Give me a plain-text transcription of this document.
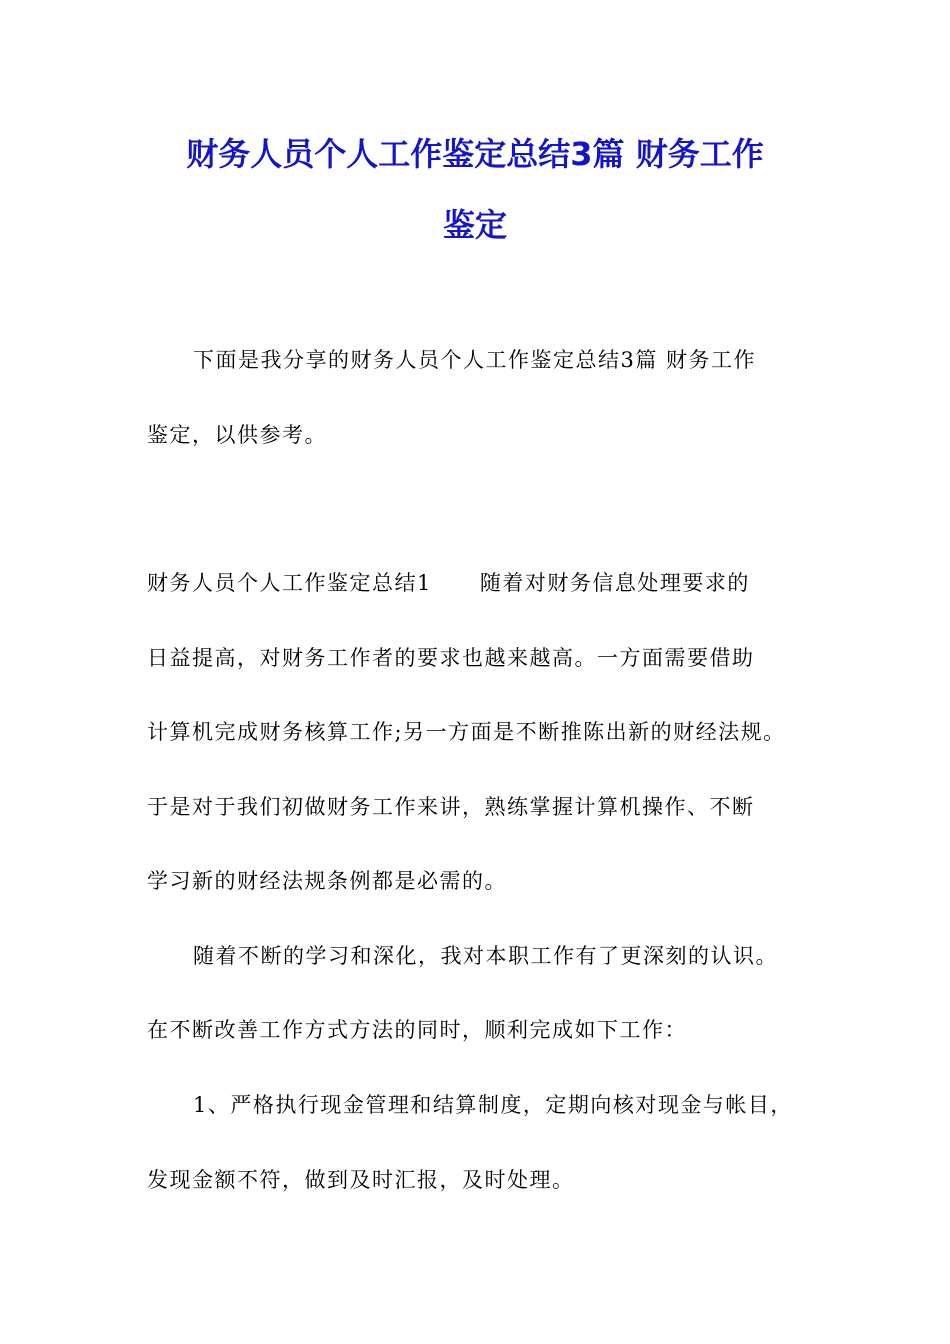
财务人员个人工作鉴定总结3篇 财务工作
鉴定
下面是我分享的财务人员个人工作鉴定总结3篇 财务工作
鉴定，以供参考。
财务人员个人工作鉴定总结1 随着对财务信息处理要求的
日益提高，对财务工作者的要求也越来越高。一方面需要借助
计算机完成财务核算工作;另一方面是不断推陈出新的财经法规。
于是对于我们初做财务工作来讲，熟练掌握计算机操作、不断
学习新的财经法规条例都是必需的。
随着不断的学习和深化，我对本职工作有了更深刻的认识。
在不断改善工作方式方法的同时，顺利完成如下工作：
1、严格执行现金管理和结算制度，定期向核对现金与帐目，
发现金额不符，做到及时汇报，及时处理。
